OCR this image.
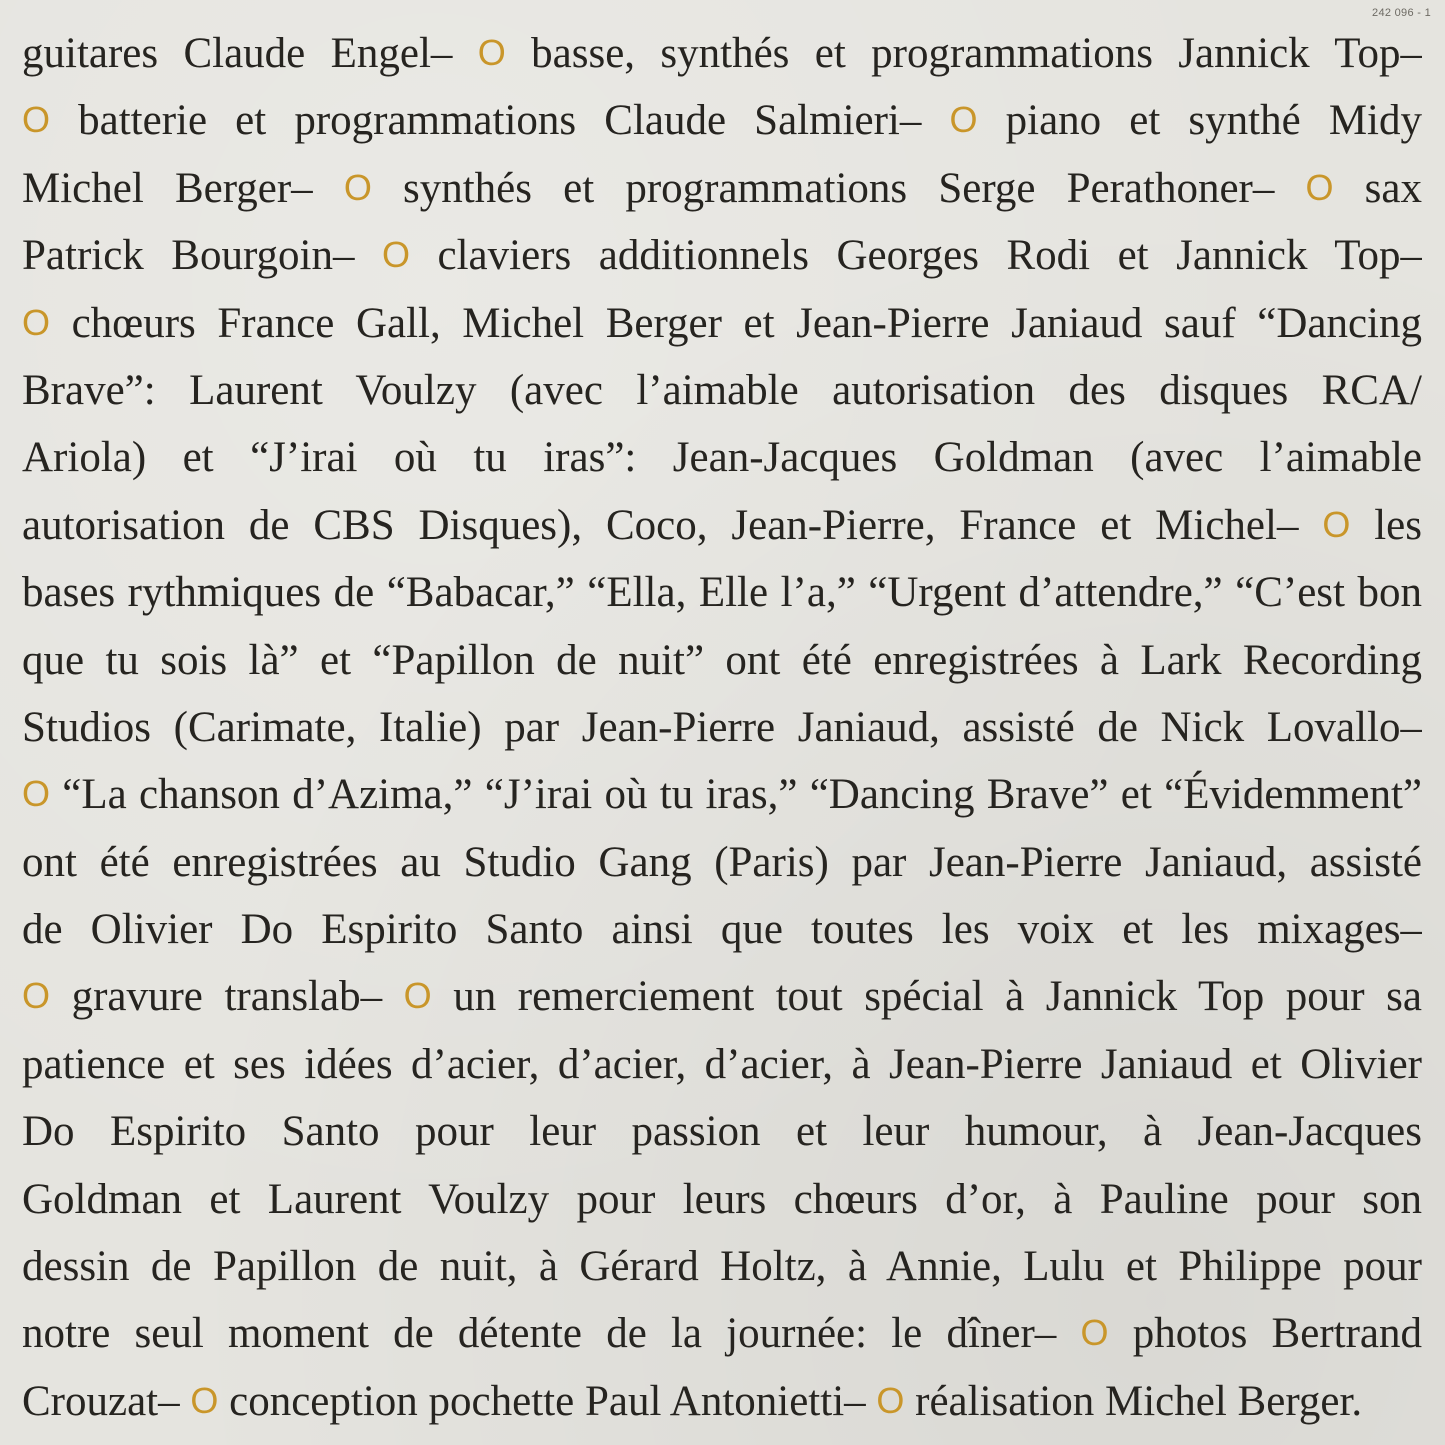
242 096 - 1
guitares Claude Engel– O basse, synthés et programmations Jannick Top–
O batterie et programmations Claude Salmieri– O piano et synthé Midy
Michel Berger– O synthés et programmations Serge Perathoner– O sax
Patrick Bourgoin– O claviers additionnels Georges Rodi et Jannick Top–
O chœurs France Gall, Michel Berger et Jean-Pierre Janiaud sauf “Dancing
Brave”: Laurent Voulzy (avec l’aimable autorisation des disques RCA/
Ariola) et “J’irai où tu iras”: Jean-Jacques Goldman (avec l’aimable
autorisation de CBS Disques), Coco, Jean-Pierre, France et Michel– O les
bases rythmiques de “Babacar,” “Ella, Elle l’a,” “Urgent d’attendre,” “C’est bon
que tu sois là” et “Papillon de nuit” ont été enregistrées à Lark Recording
Studios (Carimate, Italie) par Jean-Pierre Janiaud, assisté de Nick Lovallo–
O “La chanson d’Azima,” “J’irai où tu iras,” “Dancing Brave” et “Évidemment”
ont été enregistrées au Studio Gang (Paris) par Jean-Pierre Janiaud, assisté
de Olivier Do Espirito Santo ainsi que toutes les voix et les mixages–
O gravure translab– O un remerciement tout spécial à Jannick Top pour sa
patience et ses idées d’acier, d’acier, d’acier, à Jean-Pierre Janiaud et Olivier
Do Espirito Santo pour leur passion et leur humour, à Jean-Jacques
Goldman et Laurent Voulzy pour leurs chœurs d’or, à Pauline pour son
dessin de Papillon de nuit, à Gérard Holtz, à Annie, Lulu et Philippe pour
notre seul moment de détente de la journée: le dîner– O photos Bertrand
Crouzat– O conception pochette Paul Antonietti– O réalisation Michel Berger.
